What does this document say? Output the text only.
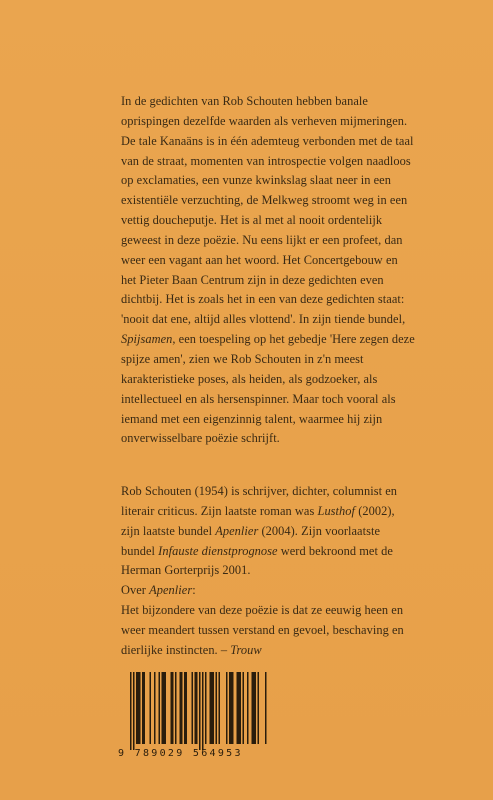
In de gedichten van Rob Schouten hebben banale
oprispingen dezelfde waarden als verheven mijmeringen.
De tale Kanaäns is in één ademteug verbonden met de taal
van de straat, momenten van introspectie volgen naadloos
op exclamaties, een vunze kwinkslag slaat neer in een
existentiële verzuchting, de Melkweg stroomt weg in een
vettig doucheputje. Het is al met al nooit ordentelijk
geweest in deze poëzie. Nu eens lijkt er een profeet, dan
weer een vagant aan het woord. Het Concertgebouw en
het Pieter Baan Centrum zijn in deze gedichten even
dichtbij. Het is zoals het in een van deze gedichten staat:
'nooit dat ene, altijd alles vlottend'. In zijn tiende bundel,
Spijsamen, een toespeling op het gebedje 'Here zegen deze
spijze amen', zien we Rob Schouten in z'n meest
karakteristieke poses, als heiden, als godzoeker, als
intellectueel en als hersenspinner. Maar toch vooral als
iemand met een eigenzinnig talent, waarmee hij zijn
onverwisselbare poëzie schrijft.
Rob Schouten (1954) is schrijver, dichter, columnist en
literair criticus. Zijn laatste roman was Lusthof (2002),
zijn laatste bundel Apenlier (2004). Zijn voorlaatste
bundel Infauste dienstprognose werd bekroond met de
Herman Gorterprijs 2001.
Over Apenlier:
Het bijzondere van deze poëzie is dat ze eeuwig heen en
weer meandert tussen verstand en gevoel, beschaving en
dierlijke instincten. – Trouw
9 789029 564953
